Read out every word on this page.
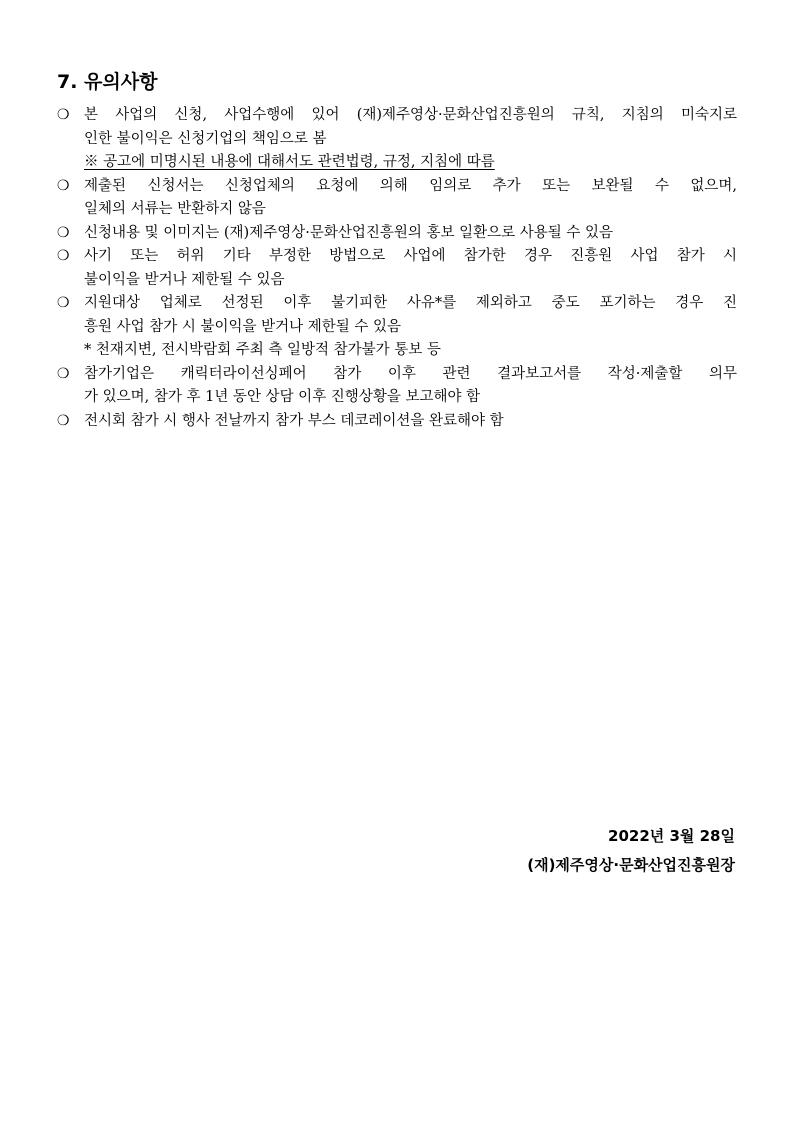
7. 유의사항
❍ 본 사업의 신청, 사업수행에 있어 (재)제주영상·문화산업진흥원의 규칙, 지침의 미숙지로
인한 불이익은 신청기업의 책임으로 봄
※ 공고에 미명시된 내용에 대해서도 관련법령, 규정, 지침에 따름
❍ 제출된 신청서는 신청업체의 요청에 의해 임의로 추가 또는 보완될 수 없으며,
일체의 서류는 반환하지 않음
❍ 신청내용 및 이미지는 (재)제주영상·문화산업진흥원의 홍보 일환으로 사용될 수 있음
❍ 사기 또는 허위 기타 부정한 방법으로 사업에 참가한 경우 진흥원 사업 참가 시
불이익을 받거나 제한될 수 있음
❍ 지원대상 업체로 선정된 이후 불기피한 사유*를 제외하고 중도 포기하는 경우 진
흥원 사업 참가 시 불이익을 받거나 제한될 수 있음
* 천재지변, 전시박람회 주최 측 일방적 참가불가 통보 등
❍ 참가기업은 캐릭터라이선싱페어 참가 이후 관련 결과보고서를 작성·제출할 의무
가 있으며, 참가 후 1년 동안 상담 이후 진행상황을 보고해야 함
❍ 전시회 참가 시 행사 전날까지 참가 부스 데코레이션을 완료해야 함
2022년 3월 28일
(재)제주영상·문화산업진흥원장
